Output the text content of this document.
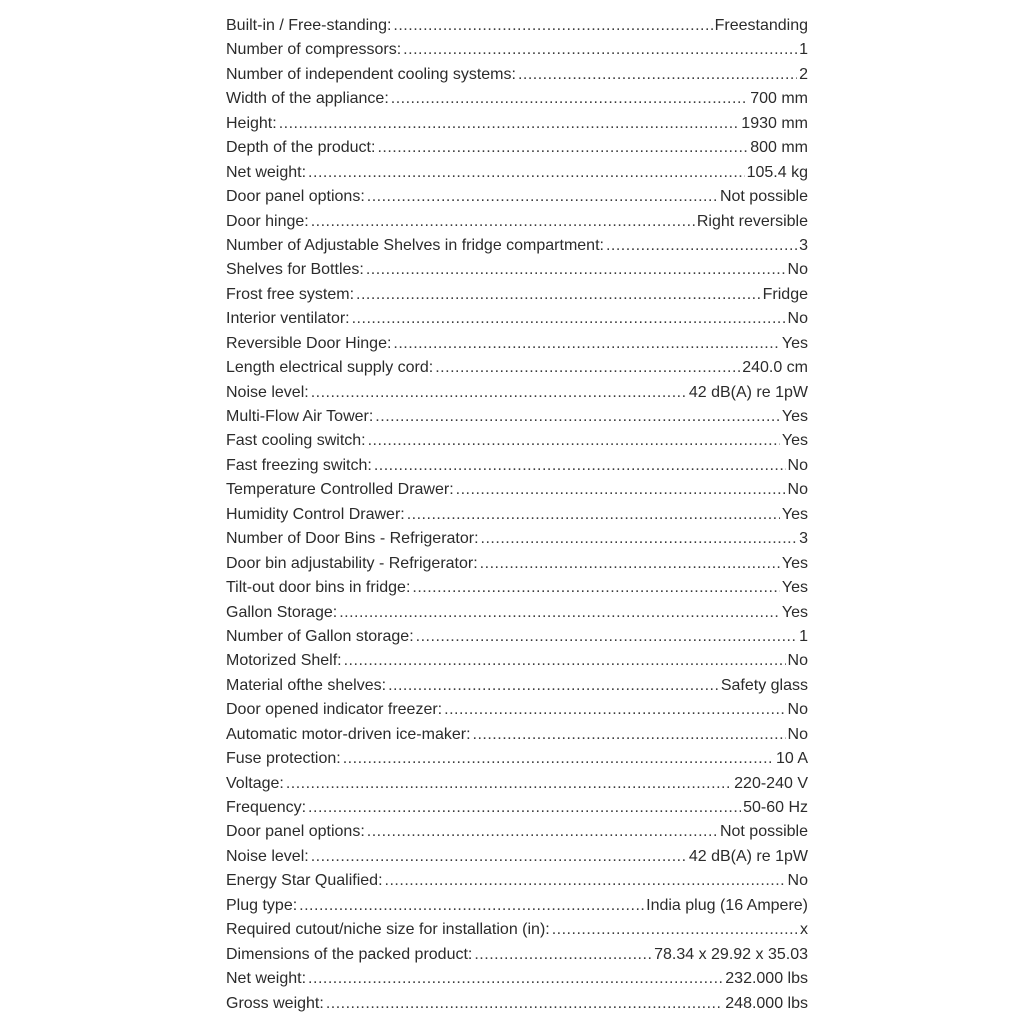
Built-in / Free-standing: .....	Freestanding
Number of compressors: .....	1
Number of independent cooling systems: .....	2
Width of the appliance: .....	700 mm
Height: .....	1930 mm
Depth of the product: .....	800 mm
Net weight: .....	105.4 kg
Door panel options: .....	Not possible
Door hinge: .....	Right reversible
Number of Adjustable Shelves in fridge compartment: .....	3
Shelves for Bottles: .....	No
Frost free system: .....	Fridge
Interior ventilator: .....	No
Reversible Door Hinge: .....	Yes
Length electrical supply cord: .....	240.0 cm
Noise level: .....	42 dB(A) re 1pW
Multi-Flow Air Tower: .....	Yes
Fast cooling switch: .....	Yes
Fast freezing switch: .....	No
Temperature Controlled Drawer: .....	No
Humidity Control Drawer: .....	Yes
Number of Door Bins - Refrigerator: .....	3
Door bin adjustability - Refrigerator: .....	Yes
Tilt-out door bins in fridge: .....	Yes
Gallon Storage: .....	Yes
Number of Gallon storage: .....	1
Motorized Shelf: .....	No
Material ofthe shelves: .....	Safety glass
Door opened indicator freezer: .....	No
Automatic motor-driven ice-maker: .....	No
Fuse protection: .....	10 A
Voltage: .....	220-240 V
Frequency: .....	50-60 Hz
Door panel options: .....	Not possible
Noise level: .....	42 dB(A) re 1pW
Energy Star Qualified: .....	No
Plug type: .....	India plug (16 Ampere)
Required cutout/niche size for installation (in): .....	x
Dimensions of the packed product: .....	78.34 x 29.92 x 35.03
Net weight: .....	232.000 lbs
Gross weight: .....	248.000 lbs
